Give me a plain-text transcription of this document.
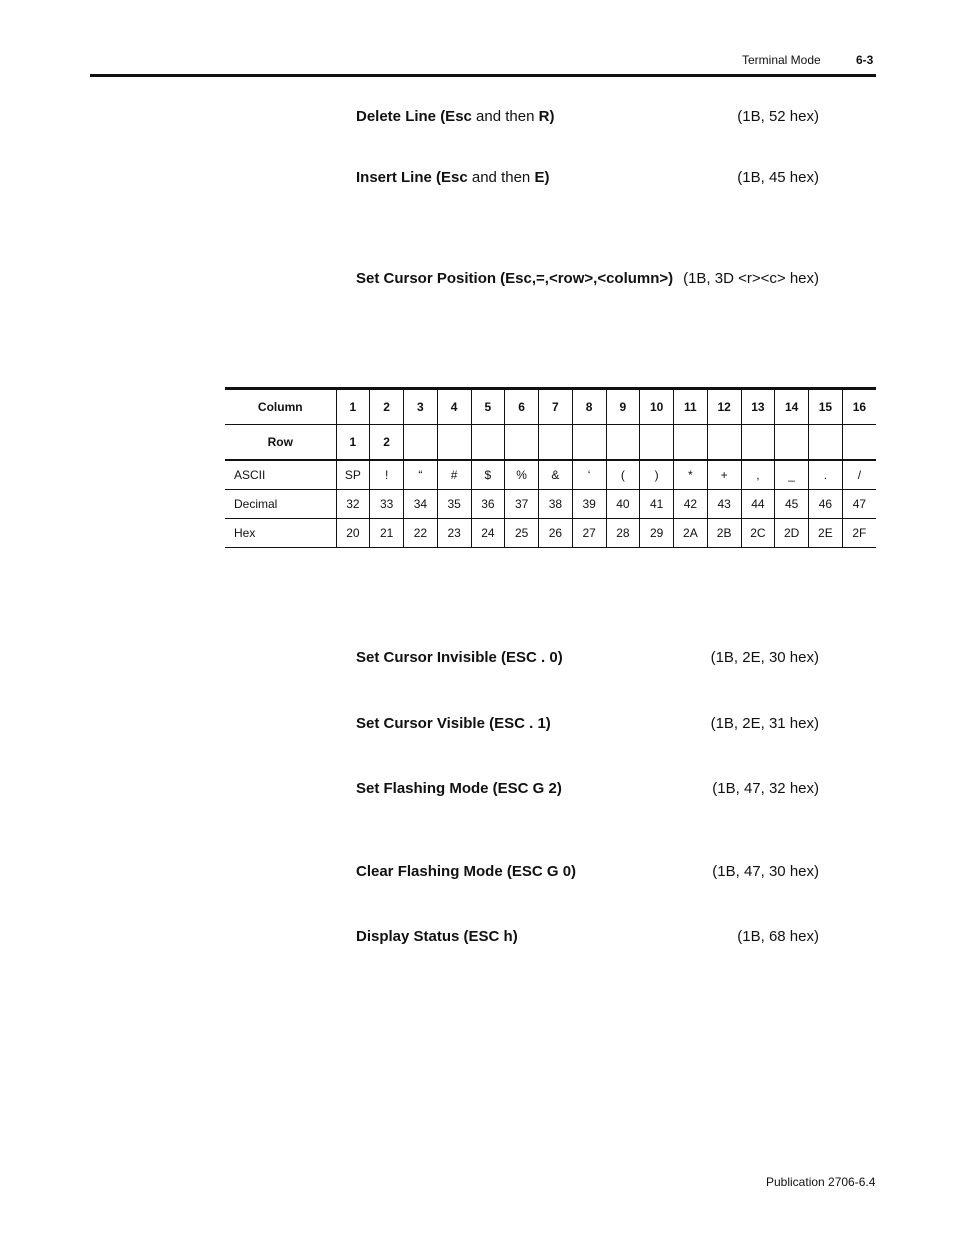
Terminal Mode	6-3
Delete Line (Esc and then R)	(1B, 52 hex)
Insert Line (Esc and then E)	(1B, 45 hex)
Set Cursor Position (Esc,=,<row>,<column>) (1B, 3D <r><c> hex)
Column	1	2	3	4	5	6	7	8	9	10	11	12	13	14	15	16
Row	1	2														
ASCII	SP	!	“	#	$	%	&	‘	(	)	*	+	,	_	.	/
Decimal	32	33	34	35	36	37	38	39	40	41	42	43	44	45	46	47
Hex	20	21	22	23	24	25	26	27	28	29	2A	2B	2C	2D	2E	2F
Set Cursor Invisible (ESC . 0)	(1B, 2E, 30 hex)
Set Cursor Visible (ESC . 1)	(1B, 2E, 31 hex)
Set Flashing Mode (ESC G 2)	(1B, 47, 32 hex)
Clear Flashing Mode (ESC G 0)	(1B, 47, 30 hex)
Display Status (ESC h)	(1B, 68 hex)
Publication 2706-6.4
